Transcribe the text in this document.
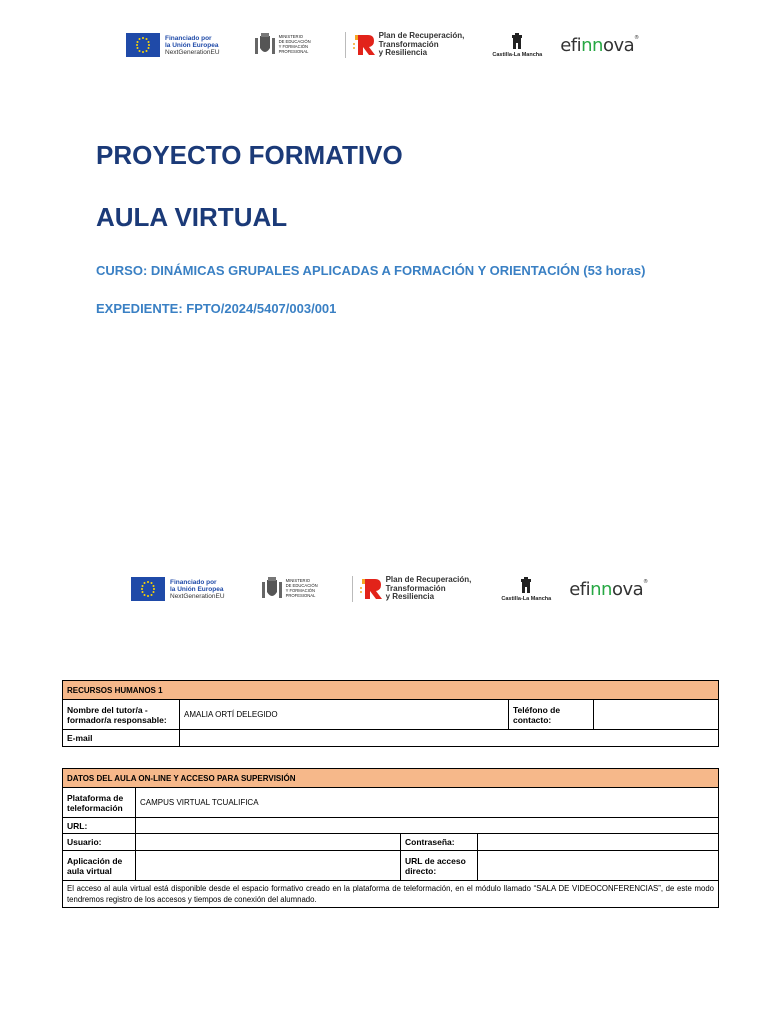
Financiado por
la Unión Europea
NextGenerationEU
MINISTERIO
DE EDUCACIÓN
Y FORMACIÓN PROFESIONAL
Plan de Recuperación,
Transformación
y Resiliencia	Castilla-La Mancha efinnova®
PROYECTO FORMATIVO
AULA VIRTUAL

CURSO: DINÁMICAS GRUPALES APLICADAS A FORMACIÓN Y ORIENTACIÓN (53 horas)

EXPEDIENTE: FPTO/2024/5407/003/001

Financiado por
la Unión Europea
NextGenerationEU
MINISTERIO
DE EDUCACIÓN
Y FORMACIÓN PROFESIONAL
Plan de Recuperación,
Transformación
y Resiliencia	Castilla-La Mancha efinnova®
RECURSOS HUMANOS 1			
Nombre del tutor/a - formador/a responsable:	AMALIA ORTÍ DELEGIDO	Teléfono de contacto:	
E-mail			
DATOS DEL AULA ON-LINE Y ACCESO PARA SUPERVISIÓN			
Plataforma de teleformación	CAMPUS VIRTUAL TCUALIFICA		
URL:			
Usuario:		Contraseña:	
Aplicación de aula virtual		URL de acceso directo:	
El acceso al aula virtual está disponible desde el espacio formativo creado en la plataforma de teleformación, en el módulo llamado “SALA DE VIDEOCONFERENCIAS”, de este modo tendremos registro de los accesos y tiempos de conexión del alumnado.			
